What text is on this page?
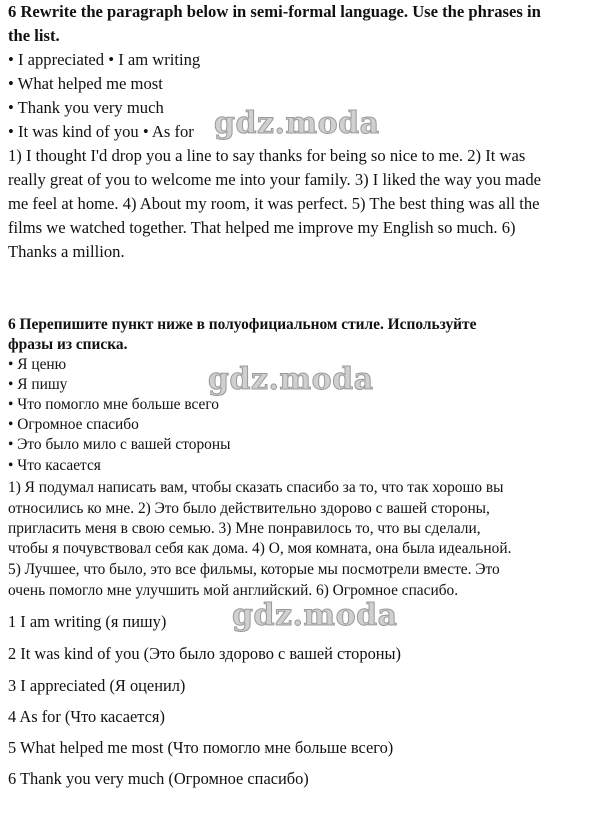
6 Rewrite the paragraph below in semi-formal language. Use the phrases in
the list.
• I appreciated • I am writing
• What helped me most
• Thank you very much
• It was kind of you • As for
1) I thought I'd drop you a line to say thanks for being so nice to me. 2) It was
really great of you to welcome me into your family. 3) I liked the way you made
me feel at home. 4) About my room, it was perfect. 5) The best thing was all the
films we watched together. That helped me improve my English so much. 6)
Thanks a million.
6 Перепишите пункт ниже в полуофициальном стиле. Используйте
фразы из списка.
• Я ценю
• Я пишу
• Что помогло мне больше всего
• Огромное спасибо
• Это было мило с вашей стороны
• Что касается
1) Я подумал написать вам, чтобы сказать спасибо за то, что так хорошо вы
относились ко мне. 2) Это было действительно здорово с вашей стороны,
пригласить меня в свою семью. 3) Мне понравилось то, что вы сделали,
чтобы я почувствовал себя как дома. 4) О, моя комната, она была идеальной.
5) Лучшее, что было, это все фильмы, которые мы посмотрели вместе. Это
очень помогло мне улучшить мой английский. 6) Огромное спасибо.
1 I am writing (я пишу)
2 It was kind of you (Это было здорово с вашей стороны)
3 I appreciated (Я оценил)
4 As for (Что касается)
5 What helped me most (Что помогло мне больше всего)
6 Thank you very much (Огромное спасибо)
gdz.moda
gdz.moda
gdz.moda
